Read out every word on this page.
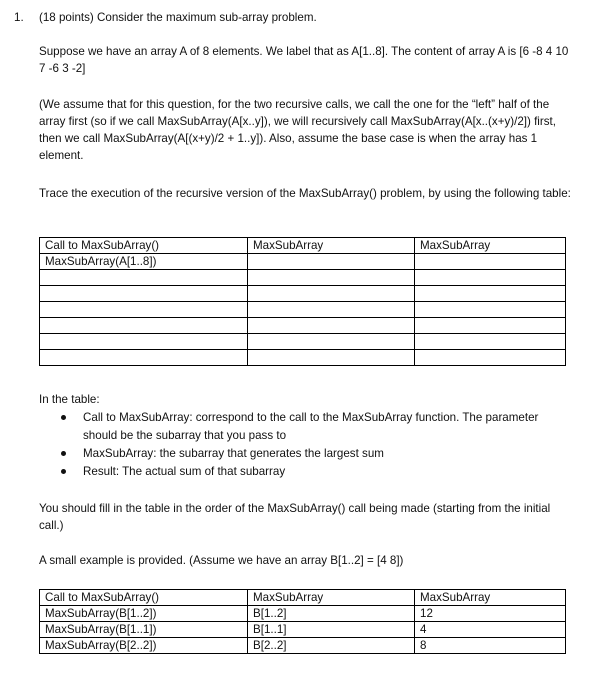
1. (18 points) Consider the maximum sub-array problem.

Suppose we have an array A of 8 elements. We label that as A[1..8]. The content of array A is [6 -8 4 10 7 -6 3 -2]

(We assume that for this question, for the two recursive calls, we call the one for the “left” half of the array first (so if we call MaxSubArray(A[x..y]), we will recursively call MaxSubArray(A[x..(x+y)/2]) first, then we call MaxSubArray(A[(x+y)/2 + 1..y]). Also, assume the base case is when the array has 1 element.

Trace the execution of the recursive version of the MaxSubArray() problem, by using the following table:

Call to MaxSubArray()	MaxSubArray	MaxSubArray
MaxSubArray(A[1..8])		

In the table:

Call to MaxSubArray: correspond to the call to the MaxSubArray function. The parameter should be the subarray that you pass to
MaxSubArray: the subarray that generates the largest sum
Result: The actual sum of that subarray

You should fill in the table in the order of the MaxSubArray() call being made (starting from the initial call.)

A small example is provided. (Assume we have an array B[1..2] = [4 8])

Call to MaxSubArray()	MaxSubArray	MaxSubArray
MaxSubArray(B[1..2])	B[1..2]	12
MaxSubArray(B[1..1])	B[1..1]	4
MaxSubArray(B[2..2])	B[2..2]	8
